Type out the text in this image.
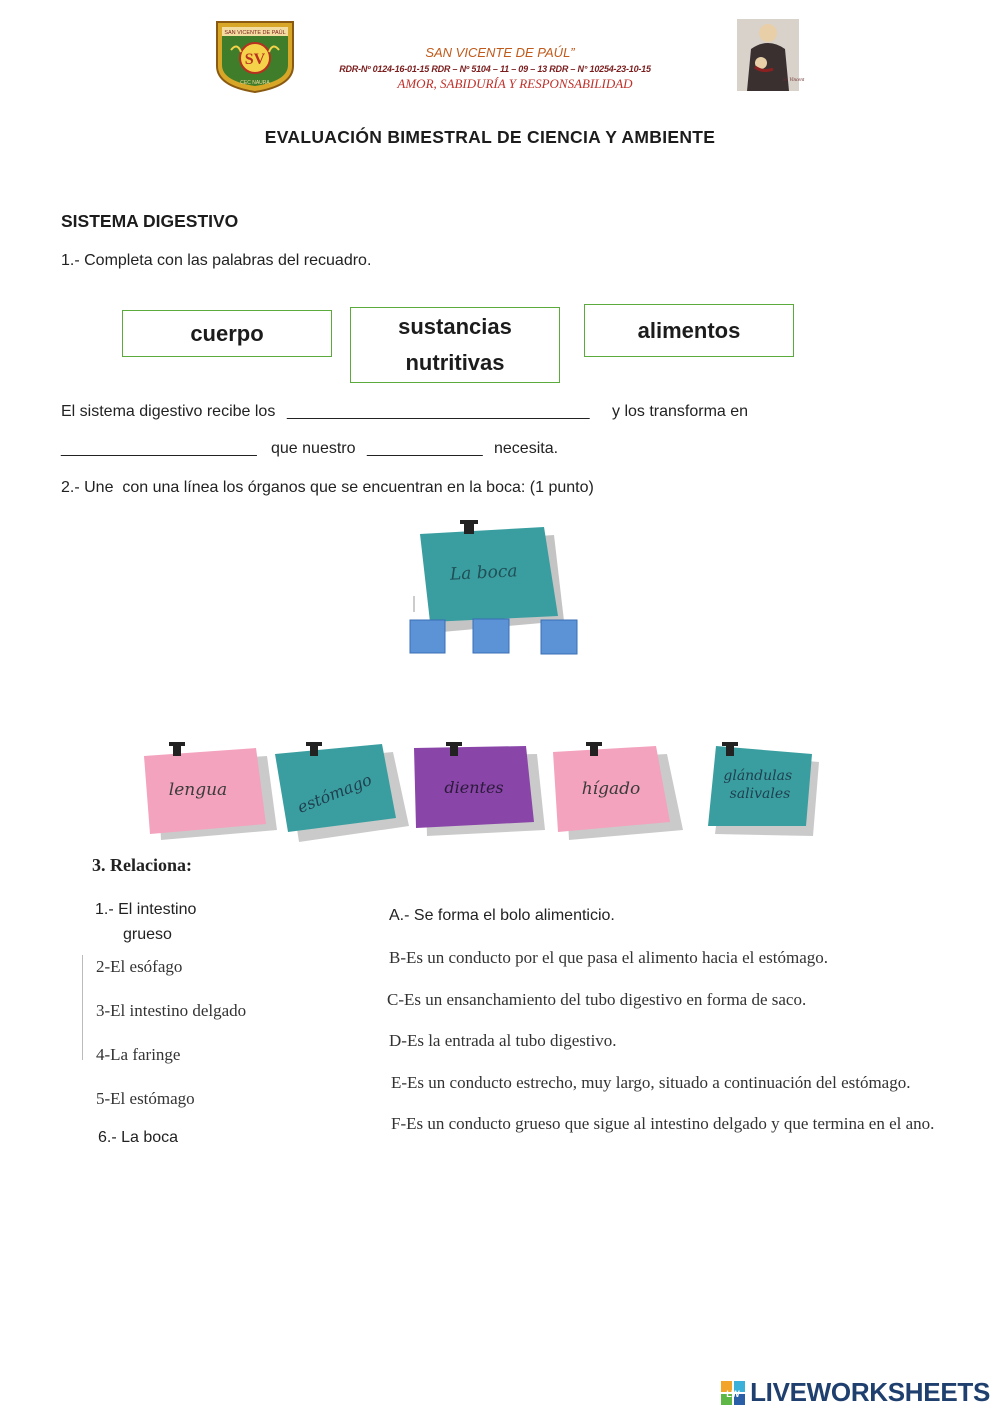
SAN VICENTE DE PAÚL
SV
CEC NAURA
SAN VICENTE DE PAÚL”
RDR-Nº 0124-16-01-15 RDR – Nº 5104 – 11 – 09 – 13 RDR – N° 10254-23-10-15
AMOR, SABIDURÍA Y RESPONSABILIDAD	St. Vincent
EVALUACIÓN BIMESTRAL DE CIENCIA Y AMBIENTE
SISTEMA DIGESTIVO
1.- Completa con las palabras del recuadro.
cuerpo	sustancias nutritivas
alimentos
El sistema digestivo recibe los __________________________________ y los transforma en
______________________ que nuestro _____________ necesita.
2.- Une  con una línea los órganos que se encuentran en la boca: (1 punto)
La boca
lengua	estómago	dientes	hígado
glándulas salivales
3. Relaciona:
1.- El intestino
grueso
2-El esófago
3-El intestino delgado
4-La faringe
5-El estómago
6.- La boca
A.- Se forma el bolo alimenticio.
B-Es un conducto por el que pasa el alimento hacia el estómago.
C-Es un ensanchamiento del tubo digestivo en forma de saco.
D-Es la entrada al tubo digestivo.
E-Es un conducto estrecho, muy largo, situado a continuación del estómago.
F-Es un conducto grueso que sigue al intestino delgado y que termina en el ano.
LW LIVEWORKSHEETS
